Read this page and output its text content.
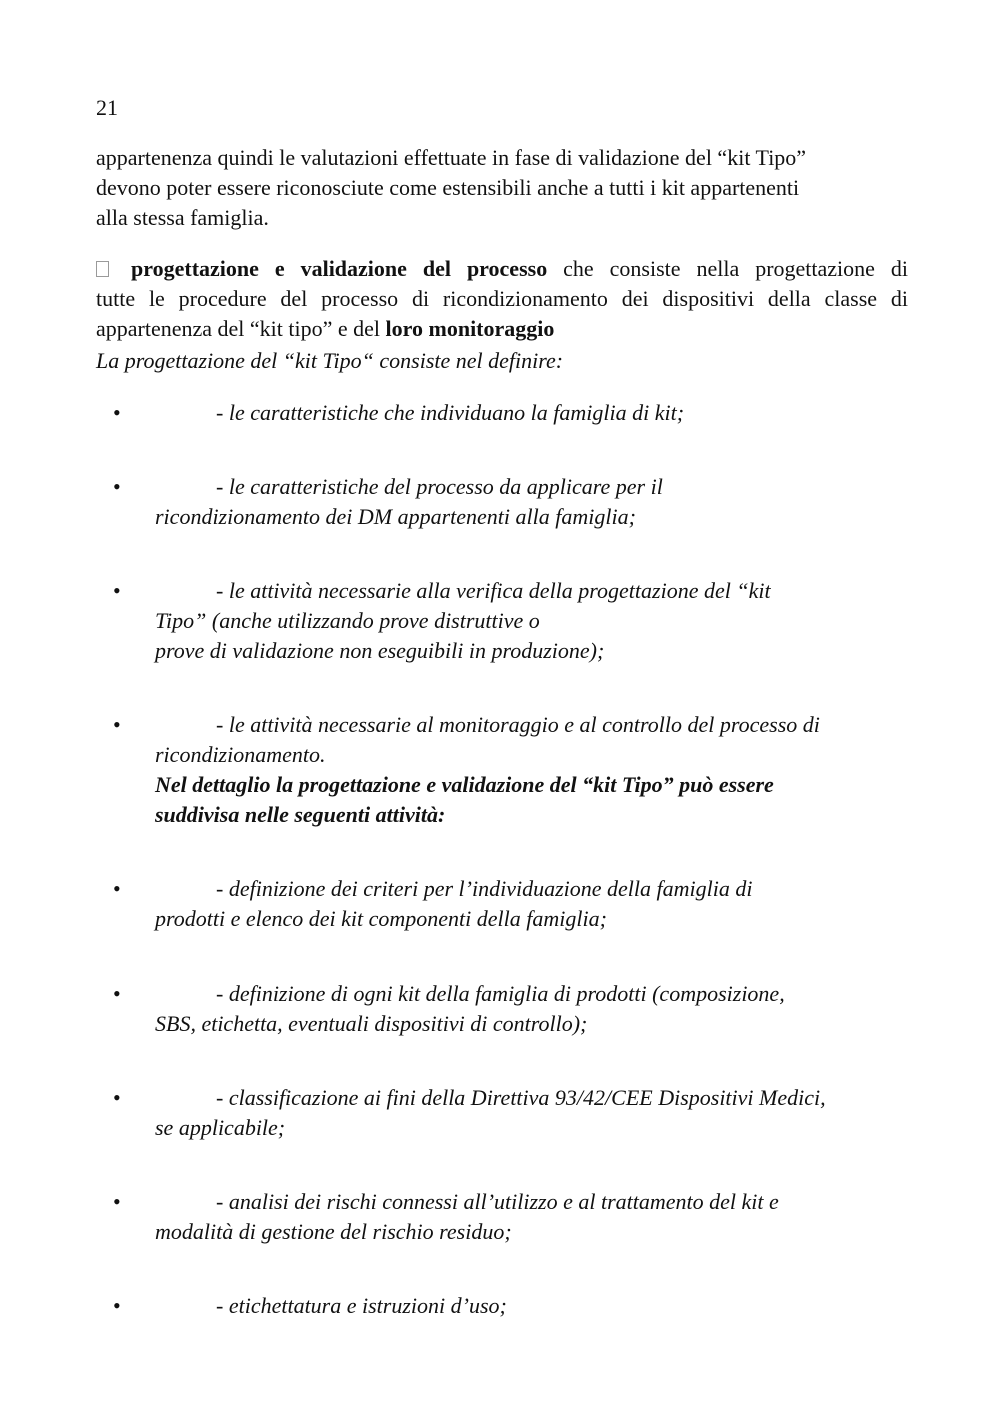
21

appartenenza quindi le valutazioni effettuate in fase di validazione del “kit Tipo”
devono poter essere riconosciute come estensibili anche a tutti i kit appartenenti
alla stessa famiglia.

progettazione e validazione del processo che consiste nella progettazione di
tutte le procedure del processo di ricondizionamento dei dispositivi della classe di
appartenenza del “kit tipo” e del loro monitoraggio

La progettazione del “kit Tipo“ consiste nel definire:

•	- le caratteristiche che individuano la famiglia di kit;
•	- le caratteristiche del processo da applicare per il
ricondizionamento dei DM appartenenti alla famiglia;
•	- le attività necessarie alla verifica della progettazione del “kit
Tipo” (anche utilizzando prove distruttive o
prove di validazione non eseguibili in produzione);
•	- le attività necessarie al monitoraggio e al controllo del processo di
ricondizionamento.
Nel dettaglio la progettazione e validazione del “kit Tipo” può essere
suddivisa nelle seguenti attività:
•	- definizione dei criteri per l’individuazione della famiglia di
prodotti e elenco dei kit componenti della famiglia;
•	- definizione di ogni kit della famiglia di prodotti (composizione,
SBS, etichetta, eventuali dispositivi di controllo);
•	- classificazione ai fini della Direttiva 93/42/CEE Dispositivi Medici,
se applicabile;
•	- analisi dei rischi connessi all’utilizzo e al trattamento del kit e
modalità di gestione del rischio residuo;
•	- etichettatura e istruzioni d’uso;
